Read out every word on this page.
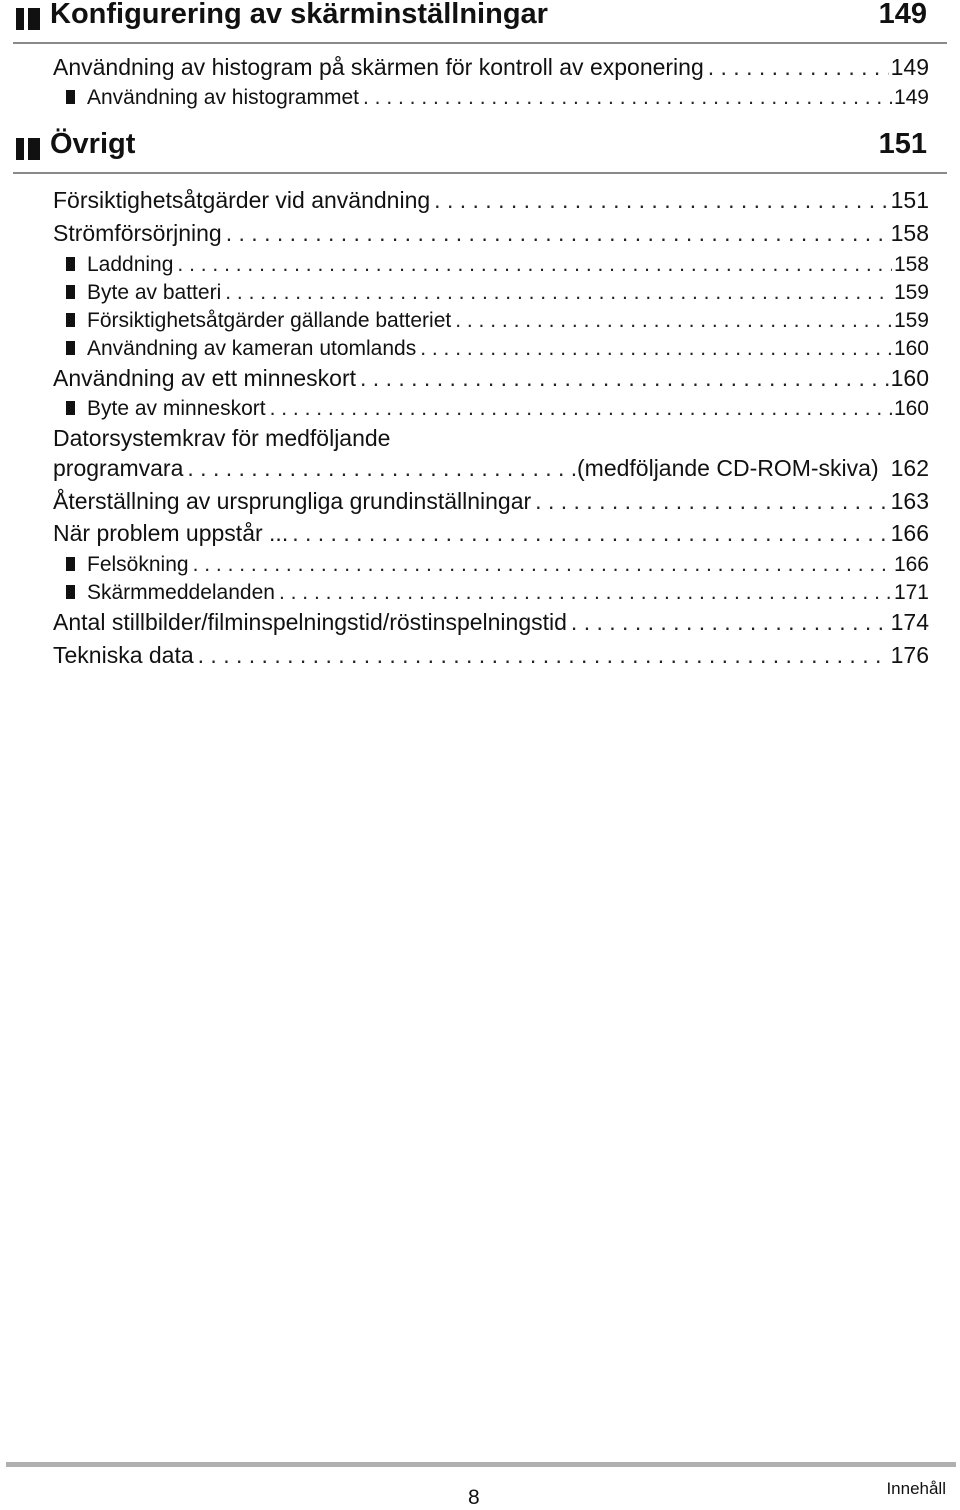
Konfigurering av skärminställningar	149
Användning av histogram på skärmen för kontroll av exponering . . .	149
Användning av histogrammet . . .	149
Övrigt	151
Försiktighetsåtgärder vid användning . . .	151
Strömförsörjning . . .	158
Laddning . . .	158
Byte av batteri . . .	159
Försiktighetsåtgärder gällande batteriet . . .	159
Användning av kameran utomlands . . .	160
Användning av ett minneskort . . .	160
Byte av minneskort . . .	160
Datorsystemkrav för medföljande
programvara . . .	(medföljande CD-ROM-skiva) 162
Återställning av ursprungliga grundinställningar . . .	163
När problem uppstår ... . . .	166
Felsökning . . .	166
Skärmmeddelanden . . .	171
Antal stillbilder/filminspelningstid/röstinspelningstid . . .	174
Tekniska data . . .	176
8	Innehåll
